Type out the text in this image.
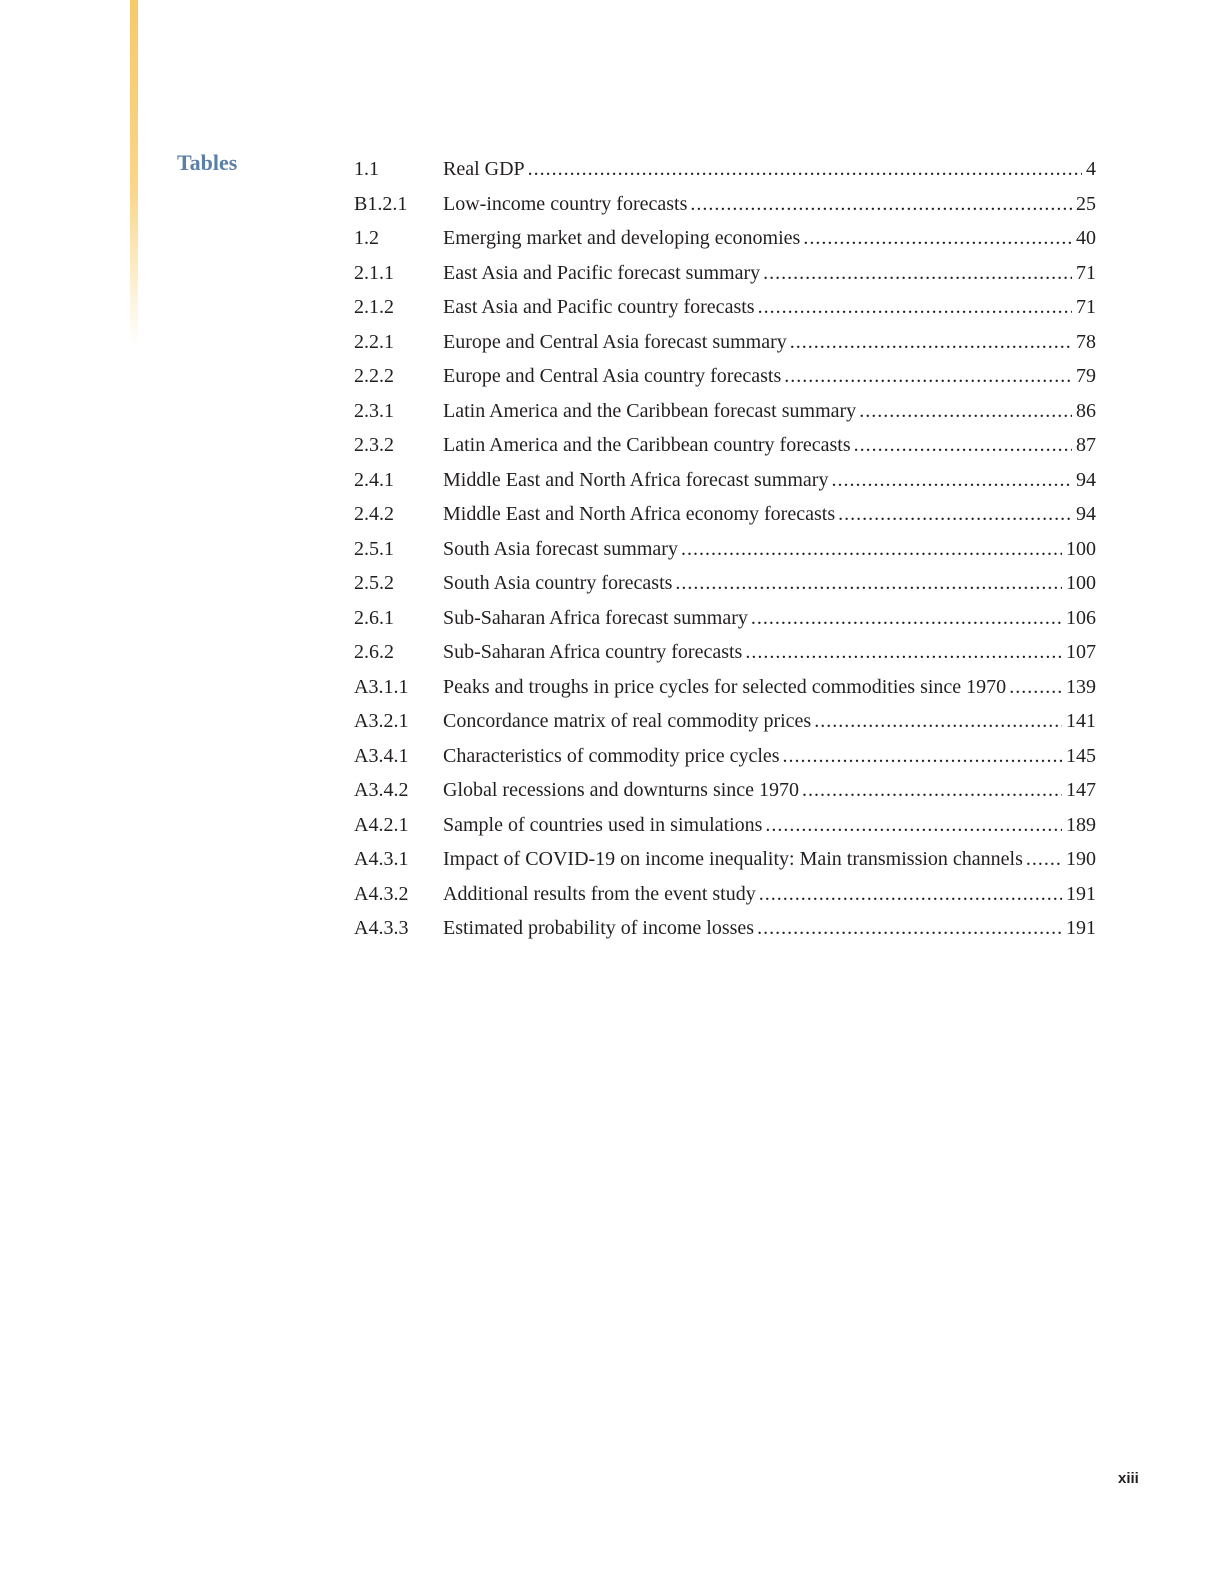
Tables	1.1	Real GDP .....	4
B1.2.1	Low-income country forecasts .....	25
1.2	Emerging market and developing economies .....	40
2.1.1	East Asia and Pacific forecast summary .....	71
2.1.2	East Asia and Pacific country forecasts .....	71
2.2.1	Europe and Central Asia forecast summary .....	78
2.2.2	Europe and Central Asia country forecasts .....	79
2.3.1	Latin America and the Caribbean forecast summary .....	86
2.3.2	Latin America and the Caribbean country forecasts .....	87
2.4.1	Middle East and North Africa forecast summary .....	94
2.4.2	Middle East and North Africa economy forecasts .....	94
2.5.1	South Asia forecast summary .....	100
2.5.2	South Asia country forecasts .....	100
2.6.1	Sub-Saharan Africa forecast summary .....	106
2.6.2	Sub-Saharan Africa country forecasts .....	107
A3.1.1	Peaks and troughs in price cycles for selected commodities since 1970 .....	139
A3.2.1	Concordance matrix of real commodity prices .....	141
A3.4.1	Characteristics of commodity price cycles .....	145
A3.4.2	Global recessions and downturns since 1970 .....	147
A4.2.1	Sample of countries used in simulations .....	189
A4.3.1	Impact of COVID-19 on income inequality: Main transmission channels ..... 190
A4.3.2	Additional results from the event study .....	191
A4.3.3	Estimated probability of income losses .....	191
xiii
